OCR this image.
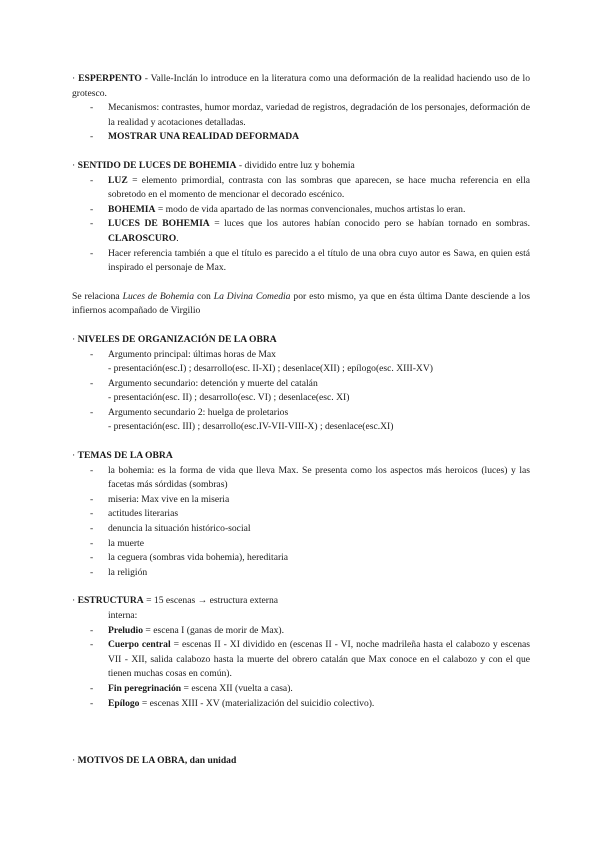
· ESPERPENTO - Valle-Inclán lo introduce en la literatura como una deformación de la realidad haciendo uso de lo grotesco.
- Mecanismos: contrastes, humor mordaz, variedad de registros, degradación de los personajes, deformación de la realidad y acotaciones detalladas.
- MOSTRAR UNA REALIDAD DEFORMADA
· SENTIDO DE LUCES DE BOHEMIA - dividido entre luz y bohemia
- LUZ = elemento primordial, contrasta con las sombras que aparecen, se hace mucha referencia en ella sobretodo en el momento de mencionar el decorado escénico.
- BOHEMIA = modo de vida apartado de las normas convencionales, muchos artistas lo eran.
- LUCES DE BOHEMIA = luces que los autores habían conocido pero se habían tornado en sombras. CLAROSCURO.
- Hacer referencia también a que el título es parecido a el título de una obra cuyo autor es Sawa, en quien está inspirado el personaje de Max.
Se relaciona Luces de Bohemia con La Divina Comedia por esto mismo, ya que en ésta última Dante desciende a los infiernos acompañado de Virgilio
· NIVELES DE ORGANIZACIÓN DE LA OBRA
- Argumento principal: últimas horas de Max
- presentación(esc.I) ; desarrollo(esc. II-XI) ; desenlace(XII) ; epílogo(esc. XIII-XV)
- Argumento secundario: detención y muerte del catalán
- presentación(esc. II) ; desarrollo(esc. VI) ; desenlace(esc. XI)
- Argumento secundario 2: huelga de proletarios
- presentación(esc. III) ; desarrollo(esc.IV-VII-VIII-X) ; desenlace(esc.XI)
· TEMAS DE LA OBRA
- la bohemia: es la forma de vida que lleva Max. Se presenta como los aspectos más heroicos (luces) y las facetas más sórdidas (sombras)
- miseria: Max vive en la miseria
- actitudes literarias
- denuncia la situación histórico-social
- la muerte
- la ceguera (sombras vida bohemia), hereditaria
- la religión
· ESTRUCTURA = 15 escenas → estructura externa
interna:
- Preludio = escena I (ganas de morir de Max).
- Cuerpo central = escenas II - XI dividido en (escenas II - VI, noche madrileña hasta el calabozo y escenas VII - XII, salida calabozo hasta la muerte del obrero catalán que Max conoce en el calabozo y con el que tienen muchas cosas en común).
- Fin peregrinación = escena XII (vuelta a casa).
- Epílogo = escenas XIII - XV (materialización del suicidio colectivo).
· MOTIVOS DE LA OBRA, dan unidad
